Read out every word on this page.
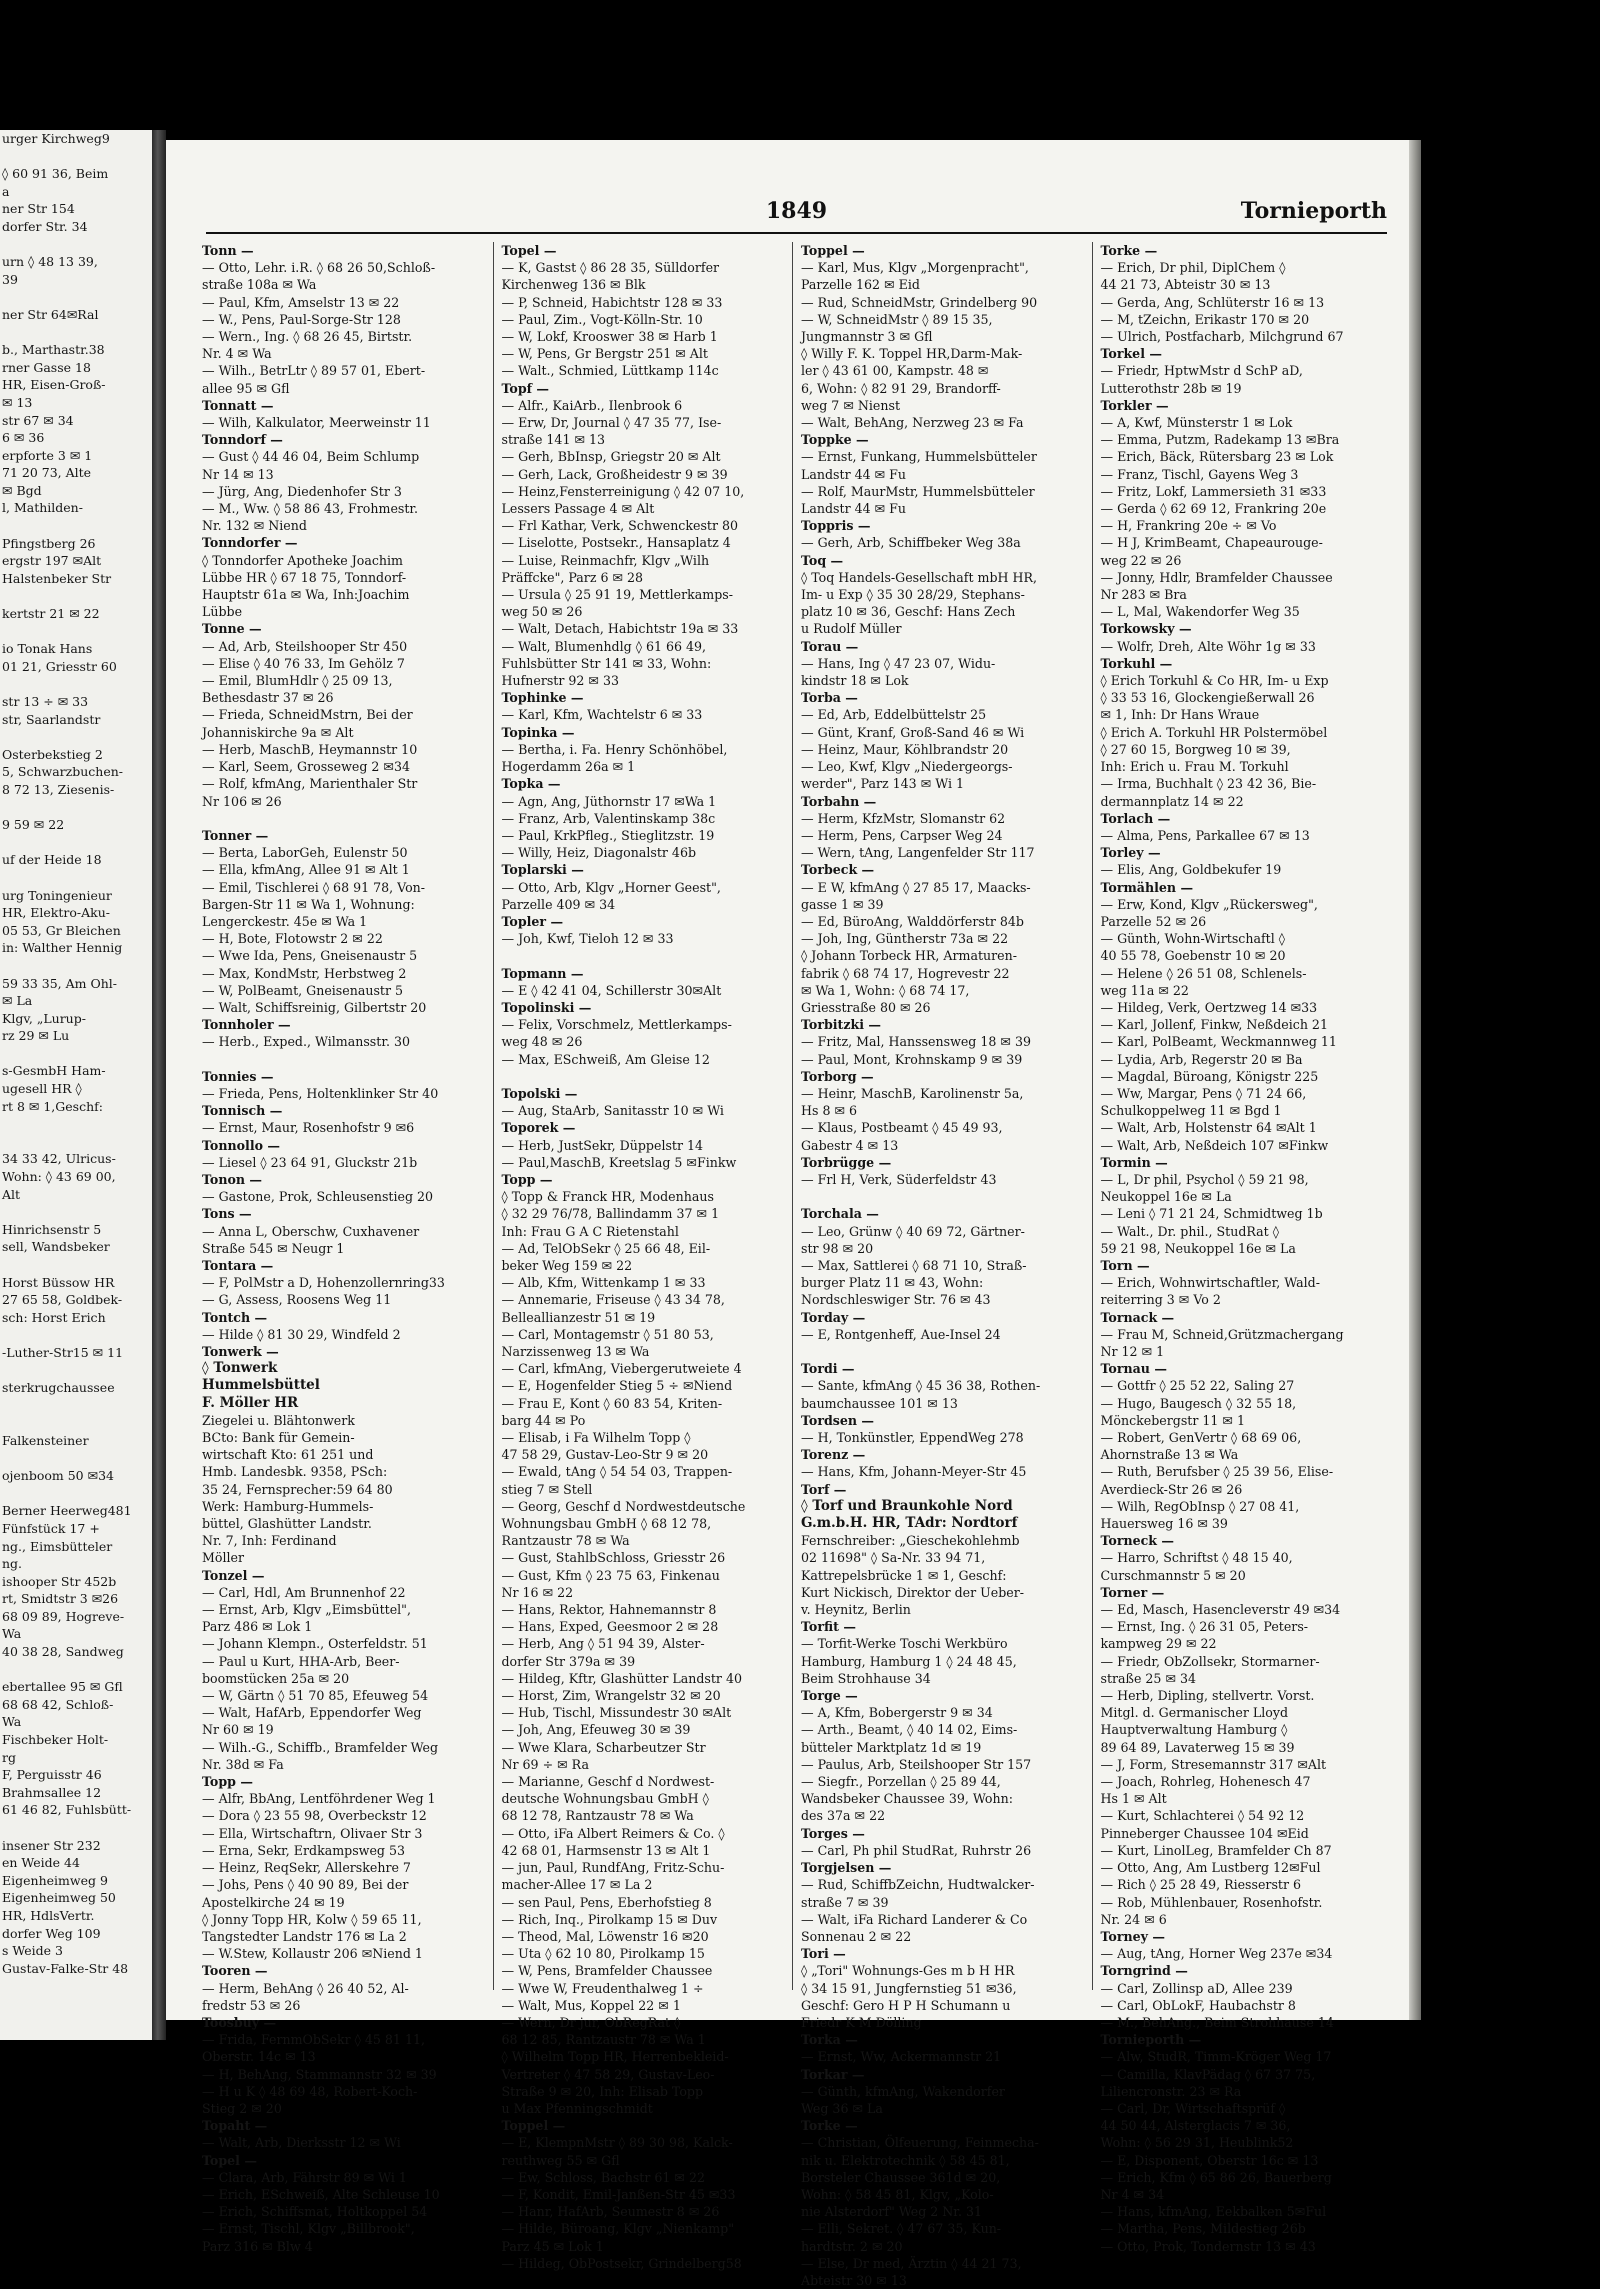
urger Kirchweg9

◊ 60 91 36, Beim
a
ner Str 154
dorfer Str. 34

urn ◊ 48 13 39,
39

ner Str 64✉Ral

b., Marthastr.38
rner Gasse 18
HR, Eisen-Groß-
✉ 13
str 67 ✉ 34
6 ✉ 36
erpforte 3 ✉ 1
71 20 73, Alte
✉ Bgd
l, Mathilden-

Pfingstberg 26
ergstr 197 ✉Alt
Halstenbeker Str

kertstr 21 ✉ 22

io Tonak Hans
01 21, Griesstr 60

str 13 ÷ ✉ 33
str, Saarlandstr

Osterbekstieg 2
5, Schwarzbuchen-
8 72 13, Ziesenis-

9 59 ✉ 22

uf der Heide 18

urg Toningenieur
HR, Elektro-Aku-
05 53, Gr Bleichen
in: Walther Hennig

59 33 35, Am Ohl-
✉ La
Klgv, „Lurup-
rz 29 ✉ Lu

s-GesmbH Ham-
ugesell HR ◊
rt 8 ✉ 1,Geschf:

34 33 42, Ulricus-
Wohn: ◊ 43 69 00,
Alt

Hinrichsenstr 5
sell, Wandsbeker

Horst Büssow HR
27 65 58, Goldbek-
sch: Horst Erich

-Luther-Str15 ✉ 11

sterkrugchaussee

Falkensteiner

ojenboom 50 ✉34

Berner Heerweg481
Fünfstück 17 +
ng., Eimsbütteler
ng.
ishooper Str 452b
rt, Smidtstr 3 ✉26
68 09 89, Hogreve-
Wa
40 38 28, Sandweg

ebertallee 95 ✉ Gfl
68 68 42, Schloß-
Wa
Fischbeker Holt-
rg
F, Perguisstr 46
Brahmsallee 12
61 46 82, Fuhlsbütt-

insener Str 232
en Weide 44
Eigenheimweg 9
Eigenheimweg 50
HR, HdlsVertr.
dorfer Weg 109
s Weide 3
Gustav-Falke-Str 48
1849	Tornieporth
Tonn —
— Otto, Lehr. i.R. ◊ 68 26 50,Schloß-
straße 108a ✉ Wa
— Paul, Kfm, Amselstr 13 ✉ 22
— W., Pens, Paul-Sorge-Str 128
— Wern., Ing. ◊ 68 26 45, Birtstr.
Nr. 4 ✉ Wa
— Wilh., BetrLtr ◊ 89 57 01, Ebert-
allee 95 ✉ Gfl
Tonnatt —
— Wilh, Kalkulator, Meerweinstr 11
Tonndorf —
— Gust ◊ 44 46 04, Beim Schlump
Nr 14 ✉ 13
— Jürg, Ang, Diedenhofer Str 3
— M., Ww. ◊ 58 86 43, Frohmestr.
Nr. 132 ✉ Niend
Tonndorfer —
◊ Tonndorfer Apotheke Joachim
Lübbe HR ◊ 67 18 75, Tonndorf-
Hauptstr 61a ✉ Wa, Inh:Joachim
Lübbe
Tonne —
— Ad, Arb, Steilshooper Str 450
— Elise ◊ 40 76 33, Im Gehölz 7
— Emil, BlumHdlr ◊ 25 09 13,
Bethesdastr 37 ✉ 26
— Frieda, SchneidMstrn, Bei der
Johanniskirche 9a ✉ Alt
— Herb, MaschB, Heymannstr 10
— Karl, Seem, Grosseweg 2 ✉34
— Rolf, kfmAng, Marienthaler Str
Nr 106 ✉ 26

Tonner —
— Berta, LaborGeh, Eulenstr 50
— Ella, kfmAng, Allee 91 ✉ Alt 1
— Emil, Tischlerei ◊ 68 91 78, Von-
Bargen-Str 11 ✉ Wa 1, Wohnung:
Lengerckestr. 45e ✉ Wa 1
— H, Bote, Flotowstr 2 ✉ 22
— Wwe Ida, Pens, Gneisenaustr 5
— Max, KondMstr, Herbstweg 2
— W, PolBeamt, Gneisenaustr 5
— Walt, Schiffsreinig, Gilbertstr 20
Tonnholer —
— Herb., Exped., Wilmansstr. 30

Tonnies —
— Frieda, Pens, Holtenklinker Str 40
Tonnisch —
— Ernst, Maur, Rosenhofstr 9 ✉6
Tonnollo —
— Liesel ◊ 23 64 91, Gluckstr 21b
Tonon —
— Gastone, Prok, Schleusenstieg 20
Tons —
— Anna L, Oberschw, Cuxhavener
Straße 545 ✉ Neugr 1
Tontara —
— F, PolMstr a D, Hohenzollernring33
— G, Assess, Roosens Weg 11
Tontch —
— Hilde ◊ 81 30 29, Windfeld 2
Tonwerk —
◊ Tonwerk
Hummelsbüttel
F. Möller HR
Ziegelei u. Blähtonwerk
BCto: Bank für Gemein-
wirtschaft Kto: 61 251 und
Hmb. Landesbk. 9358, PSch:
35 24, Fernsprecher:59 64 80
Werk: Hamburg-Hummels-
büttel, Glashütter Landstr.
Nr. 7, Inh: Ferdinand
Möller
Tonzel —
— Carl, Hdl, Am Brunnenhof 22
— Ernst, Arb, Klgv „Eimsbüttel",
Parz 486 ✉ Lok 1
— Johann Klempn., Osterfeldstr. 51
— Paul u Kurt, HHA-Arb, Beer-
boomstücken 25a ✉ 20
— W, Gärtn ◊ 51 70 85, Efeuweg 54
— Walt, HafArb, Eppendorfer Weg
Nr 60 ✉ 19
— Wilh.-G., Schiffb., Bramfelder Weg
Nr. 38d ✉ Fa
Topp —
— Alfr, BbAng, Lentföhrdener Weg 1
— Dora ◊ 23 55 98, Overbeckstr 12
— Ella, Wirtschaftrn, Olivaer Str 3
— Erna, Sekr, Erdkampsweg 53
— Heinz, ReqSekr, Allerskehre 7
— Johs, Pens ◊ 40 90 89, Bei der
Apostelkirche 24 ✉ 19
◊ Jonny Topp HR, Kolw ◊ 59 65 11,
Tangstedter Landstr 176 ✉ La 2
— W.Stew, Kollaustr 206 ✉Niend 1
Tooren —
— Herm, BehAng ◊ 26 40 52, Al-
fredstr 53 ✉ 26
Toosbuy —
— Frida, FernmObSekr ◊ 45 81 11,
Oberstr. 14c ✉ 13
— H, BehAng, Stammannstr 32 ✉ 39
— H u K ◊ 48 69 48, Robert-Koch-
Stieg 2 ✉ 20
Topaht —
— Walt, Arb, Dierksstr 12 ✉ Wi
Topel —
— Clara, Arb, Fährstr 89 ✉ Wi 1
— Erich, ESchweiß, Alte Schleuse 10
— Erich, Schiffsmat, Holtkoppel 54
— Ernst, Tischl, Klgv „Billbrook",
Parz 316 ✉ Blw 4
Topel —
— K, Gastst ◊ 86 28 35, Sülldorfer
Kirchenweg 136 ✉ Blk
— P, Schneid, Habichtstr 128 ✉ 33
— Paul, Zim., Vogt-Kölln-Str. 10
— W, Lokf, Krooswег 38 ✉ Harb 1
— W, Pens, Gr Bergstr 251 ✉ Alt
— Walt., Schmied, Lüttkamp 114c
Topf —
— Alfr., KaiArb., Ilenbrook 6
— Erw, Dr, Journal ◊ 47 35 77, Ise-
straße 141 ✉ 13
— Gerh, BbInsp, Griegstr 20 ✉ Alt
— Gerh, Lack, Großheidestr 9 ✉ 39
— Heinz,Fensterreinigung ◊ 42 07 10,
Lessers Passage 4 ✉ Alt
— Frl Kathar, Verk, Schwenckestr 80
— Liselotte, Postsekr., Hansaplatz 4
— Luise, Reinmachfr, Klgv „Wilh
Präffcke", Parz 6 ✉ 28
— Ursula ◊ 25 91 19, Mettlerkamps-
weg 50 ✉ 26
— Walt, Detach, Habichtstr 19a ✉ 33
— Walt, Blumenhdlg ◊ 61 66 49,
Fuhlsbütter Str 141 ✉ 33, Wohn:
Hufnerstr 92 ✉ 33
Tophinke —
— Karl, Kfm, Wachtelstr 6 ✉ 33
Topinka —
— Bertha, i. Fa. Henry Schönhöbel,
Hogerdamm 26a ✉ 1
Topka —
— Agn, Ang, Jüthornstr 17 ✉Wa 1
— Franz, Arb, Valentinskamp 38c
— Paul, KrkPfleg., Stieglitzstr. 19
— Willy, Heiz, Diagonalstr 46b
Toplarski —
— Otto, Arb, Klgv „Horner Geest",
Parzelle 409 ✉ 34
Topler —
— Joh, Kwf, Tieloh 12 ✉ 33

Topmann —
— E ◊ 42 41 04, Schillerstr 30✉Alt
Topolinski —
— Felix, Vorschmelz, Mettlerkamps-
weg 48 ✉ 26
— Max, ESchweiß, Am Gleise 12

Topolski —
— Aug, StaArb, Sanitasstr 10 ✉ Wi
Toporek —
— Herb, JustSekr, Düppelstr 14
— Paul,MaschB, Kreetslag 5 ✉Finkw
Topp —
◊ Topp & Franck HR, Modenhaus
◊ 32 29 76/78, Ballindamm 37 ✉ 1
Inh: Frau G A C Rietenstahl
— Ad, TelObSekr ◊ 25 66 48, Eil-
beker Weg 159 ✉ 22
— Alb, Kfm, Wittenkamp 1 ✉ 33
— Annemarie, Friseuse ◊ 43 34 78,
Belleallianzestr 51 ✉ 19
— Carl, Montagemstr ◊ 51 80 53,
Narzissenweg 13 ✉ Wa
— Carl, kfmAng, Viebergerutweiete 4
— E, Hogenfelder Stieg 5 ÷ ✉Niend
— Frau E, Kont ◊ 60 83 54, Kriten-
barg 44 ✉ Po
— Elisab, i Fa Wilhelm Topp ◊
47 58 29, Gustav-Leo-Str 9 ✉ 20
— Ewald, tAng ◊ 54 54 03, Trappen-
stieg 7 ✉ Stell
— Georg, Geschf d Nordwestdeutsche
Wohnungsbau GmbH ◊ 68 12 78,
Rantzaustr 78 ✉ Wa
— Gust, StahlbSchloss, Griesstr 26
— Gust, Kfm ◊ 23 75 63, Finkenau
Nr 16 ✉ 22
— Hans, Rektor, Hahnemannstr 8
— Hans, Exped, Geesmoor 2 ✉ 28
— Herb, Ang ◊ 51 94 39, Alster-
dorfer Str 379a ✉ 39
— Hildeg, Kftr, Glashütter Landstr 40
— Horst, Zim, Wrangelstr 32 ✉ 20
— Hub, Tischl, Missundestr 30 ✉Alt
— Joh, Ang, Efeuweg 30 ✉ 39
— Wwe Klara, Scharbeutzer Str
Nr 69 ÷ ✉ Ra
— Marianne, Geschf d Nordwest-
deutsche Wohnungsbau GmbH ◊
68 12 78, Rantzaustr 78 ✉ Wa
— Otto, iFa Albert Reimers & Co. ◊
42 68 01, Harmsenstr 13 ✉ Alt 1
— jun, Paul, RundfAng, Fritz-Schu-
macher-Allee 17 ✉ La 2
— sen Paul, Pens, Eberhofstieg 8
— Rich, Inq., Pirolkamp 15 ✉ Duv
— Theod, Mal, Löwenstr 16 ✉20
— Uta ◊ 62 10 80, Pirolkamp 15
— W, Pens, Bramfelder Chaussee
— Wwe W, Freudenthalweg 1 ÷
— Walt, Mus, Koppel 22 ✉ 1
— Wern, Dr jur, ObRegRat ◊
68 12 85, Rantzaustr 78 ✉ Wa 1
◊ Wilhelm Topp HR, Herrenbekleid-
Vertreter ◊ 47 58 29, Gustav-Leo-
Straße 9 ✉ 20, Inh: Elisab Topp
u Max Pfenningschmidt
Toppel —
— E, KlempnMstr ◊ 89 30 98, Kalck-
reuthweg 55 ✉ Gfl
— Ew, Schloss, Bachstr 61 ✉ 22
— F, Kondit, Emil-Janßen-Str 45 ✉33
— Hanr, HafArb, Seumestr 8 ✉ 26
— Hilde, Büroang, Klgv „Nienkamp"
Parz 45 ✉ Lok 1
— Hildeg, ObPostsekr, Grindelberg58
Toppel —
— Karl, Mus, Klgv „Morgenpracht",
Parzelle 162 ✉ Eid
— Rud, SchneidMstr, Grindelberg 90
— W, SchneidMstr ◊ 89 15 35,
Jungmannstr 3 ✉ Gfl
◊ Willy F. K. Toppel HR,Darm-Mak-
ler ◊ 43 61 00, Kampstr. 48 ✉
6, Wohn: ◊ 82 91 29, Brandorff-
weg 7 ✉ Nienst
— Walt, BehAng, Nerzweg 23 ✉ Fa
Toppke —
— Ernst, Funkang, Hummelsbütteler
Landstr 44 ✉ Fu
— Rolf, MaurMstr, Hummelsbütteler
Landstr 44 ✉ Fu
Toppris —
— Gerh, Arb, Schiffbeker Weg 38a
Toq —
◊ Toq Handels-Gesellschaft mbH HR,
Im- u Exp ◊ 35 30 28/29, Stephans-
platz 10 ✉ 36, Geschf: Hans Zech
u Rudolf Müller
Torau —
— Hans, Ing ◊ 47 23 07, Widu-
kindstr 18 ✉ Lok
Torba —
— Ed, Arb, Eddelbüttelstr 25
— Günt, Kranf, Groß-Sand 46 ✉ Wi
— Heinz, Maur, Köhlbrandstr 20
— Leo, Kwf, Klgv „Niedergeorgs-
werder", Parz 143 ✉ Wi 1
Torbahn —
— Herm, KfzMstr, Slomanstr 62
— Herm, Pens, Carpser Weg 24
— Wern, tAng, Langenfelder Str 117
Torbeck —
— E W, kfmAng ◊ 27 85 17, Maacks-
gasse 1 ✉ 39
— Ed, BüroAng, Walddörferstr 84b
— Joh, Ing, Güntherstr 73a ✉ 22
◊ Johann Torbeck HR, Armaturen-
fabrik ◊ 68 74 17, Hogrevestr 22
✉ Wa 1, Wohn: ◊ 68 74 17,
Griesstraße 80 ✉ 26
Torbitzki —
— Fritz, Mal, Hanssensweg 18 ✉ 39
— Paul, Mont, Krohnskamp 9 ✉ 39
Torborg —
— Heinr, MaschB, Karolinenstr 5a,
Hs 8 ✉ 6
— Klaus, Postbeamt ◊ 45 49 93,
Gabestr 4 ✉ 13
Torbrügge —
— Frl H, Verk, Süderfeldstr 43

Torchala —
— Leo, Grünw ◊ 40 69 72, Gärtner-
str 98 ✉ 20
— Max, Sattlerei ◊ 68 71 10, Straß-
burger Platz 11 ✉ 43, Wohn:
Nordschleswiger Str. 76 ✉ 43
Torday —
— E, Rontgenheff, Aue-Insel 24

Tordi —
— Sante, kfmAng ◊ 45 36 38, Rothen-
baumchaussee 101 ✉ 13
Tordsen —
— H, Tonkünstler, EppendWeg 278
Torenz —
— Hans, Kfm, Johann-Meyer-Str 45
Torf —
◊ Torf und Braunkohle Nord
G.m.b.H. HR, TAdr: Nordtorf
Fernschreiber: „Gieschekohlehmb
02 11698" ◊ Sa-Nr. 33 94 71,
Kattrepelsbrücke 1 ✉ 1, Geschf:
Kurt Nickisch, Direktor der Ueber-
v. Heynitz, Berlin
Torfit —
— Torfit-Werke Toschi Werkbüro
Hamburg, Hamburg 1 ◊ 24 48 45,
Beim Strohhause 34
Torge —
— A, Kfm, Bobergerstr 9 ✉ 34
— Arth., Beamt, ◊ 40 14 02, Eims-
bütteler Marktplatz 1d ✉ 19
— Paulus, Arb, Steilshooper Str 157
— Siegfr., Porzellan ◊ 25 89 44,
Wandsbeker Chaussee 39, Wohn:
des 37a ✉ 22
Torges —
— Carl, Ph phil StudRat, Ruhrstr 26
Torgjelsen —
— Rud, SchiffbZeichn, Hudtwalcker-
straße 7 ✉ 39
— Walt, iFa Richard Landerer & Co
Sonnenau 2 ✉ 22
Tori —
◊ „Tori" Wohnungs-Ges m b H HR
◊ 34 15 91, Jungfernstieg 51 ✉36,
Geschf: Gero H P H Schumann u
Friedr K M Dölling
Torka —
— Ernst, Ww, Ackermannstr 21
Torkar —
— Günth, kfmAng, Wakendorfer
Weg 36 ✉ La
Torke —
— Christian, Ölfeuerung, Feinmecha-
nik u. Elektrotechnik ◊ 58 45 81,
Borsteler Chaussee 361d ✉ 20,
Wohn: ◊ 58 45 81, Klgv, „Kolo-
nie Alsterdorf" Weg 2 Nr. 31
— Elli, Sekret. ◊ 47 67 35, Kun-
hardtstr. 2 ✉ 20
— Else, Dr med, Ärztin ◊ 44 21 73,
Abteistr 30 ✉ 13
Torke —
— Erich, Dr phil, DiplChem ◊
44 21 73, Abteistr 30 ✉ 13
— Gerda, Ang, Schlüterstr 16 ✉ 13
— M, tZeichn, Erikastr 170 ✉ 20
— Ulrich, Postfacharb, Milchgrund 67
Torkel —
— Friedr, HptwMstr d SchP aD,
Lutterothstr 28b ✉ 19
Torkler —
— A, Kwf, Münsterstr 1 ✉ Lok
— Emma, Putzm, Radekamp 13 ✉Bra
— Erich, Bäck, Rütersbarg 23 ✉ Lok
— Franz, Tischl, Gayens Weg 3
— Fritz, Lokf, Lammersieth 31 ✉33
— Gerda ◊ 62 69 12, Frankring 20e
— H, Frankring 20e ÷ ✉ Vo
— H J, KrimBeamt, Chapeaurouge-
weg 22 ✉ 26
— Jonny, Hdlr, Bramfelder Chaussee
Nr 283 ✉ Bra
— L, Mal, Wakendorfer Weg 35
Torkowsky —
— Wolfr, Dreh, Alte Wöhr 1g ✉ 33
Torkuhl —
◊ Erich Torkuhl & Co HR, Im- u Exp
◊ 33 53 16, Glockengießerwall 26
✉ 1, Inh: Dr Hans Wraue
◊ Erich A. Torkuhl HR Polstermöbel
◊ 27 60 15, Borgweg 10 ✉ 39,
Inh: Erich u. Frau M. Torkuhl
— Irma, Buchhalt ◊ 23 42 36, Bie-
dermannplatz 14 ✉ 22
Torlach —
— Alma, Pens, Parkallee 67 ✉ 13
Torley —
— Elis, Ang, Goldbekufer 19
Tormählen —
— Erw, Kond, Klgv „Rückersweg",
Parzelle 52 ✉ 26
— Günth, Wohn-Wirtschaftl ◊
40 55 78, Goebenstr 10 ✉ 20
— Helene ◊ 26 51 08, Schlenels-
weg 11a ✉ 22
— Hildeg, Verk, Oertzweg 14 ✉33
— Karl, Jollenf, Finkw, Neßdeich 21
— Karl, PolBeamt, Weckmannweg 11
— Lydia, Arb, Regerstr 20 ✉ Ba
— Magdal, Büroang, Königstr 225
— Ww, Margar, Pens ◊ 71 24 66,
Schulkoppelweg 11 ✉ Bgd 1
— Walt, Arb, Holstenstr 64 ✉Alt 1
— Walt, Arb, Neßdeich 107 ✉Finkw
Tormin —
— L, Dr phil, Psychol ◊ 59 21 98,
Neukoppel 16e ✉ La
— Leni ◊ 71 21 24, Schmidtweg 1b
— Walt., Dr. phil., StudRat ◊
59 21 98, Neukoppel 16e ✉ La
Torn —
— Erich, Wohnwirtschaftler, Wald-
reiterring 3 ✉ Vo 2
Tornack —
— Frau M, Schneid,Grützmachergang
Nr 12 ✉ 1
Tornau —
— Gottfr ◊ 25 52 22, Saling 27
— Hugo, Baugesch ◊ 32 55 18,
Mönckebergstr 11 ✉ 1
— Robert, GenVertr ◊ 68 69 06,
Ahornstraße 13 ✉ Wa
— Ruth, Berufsber ◊ 25 39 56, Elise-
Averdieck-Str 26 ✉ 26
— Wilh, RegObInsp ◊ 27 08 41,
Hauersweg 16 ✉ 39
Torneck —
— Harro, Schriftst ◊ 48 15 40,
Curschmannstr 5 ✉ 20
Torner —
— Ed, Masch, Hasencleverstr 49 ✉34
— Ernst, Ing. ◊ 26 31 05, Peters-
kampweg 29 ✉ 22
— Friedr, ObZollsekr, Stormarner-
straße 25 ✉ 34
— Herb, Dipling, stellvertr. Vorst.
Mitgl. d. Germanischer Lloyd
Hauptverwaltung Hamburg ◊
89 64 89, Lavaterweg 15 ✉ 39
— J, Form, Stresemannstr 317 ✉Alt
— Joach, Rohrleg, Hohenesch 47
Hs 1 ✉ Alt
— Kurt, Schlachterei ◊ 54 92 12
Pinneberger Chaussee 104 ✉Eid
— Kurt, LinolLeg, Bramfelder Ch 87
— Otto, Ang, Am Lustberg 12✉Ful
— Rich ◊ 25 28 49, Riesserstr 6
— Rob, Mühlenbauer, Rosenhofstr.
Nr. 24 ✉ 6
Torney —
— Aug, tAng, Horner Weg 237e ✉34
Torngrind —
— Carl, Zollinsp aD, Allee 239
— Carl, ObLokF, Haubachstr 8
— M., BehAng., Beim Strohhause 14
Tornieporth —
— Alw, StudR, Timm-Kröger Weg 17
— Camilla, KlavPädag ◊ 67 37 75,
Liliencronstr. 23 ✉ Ra
— Carl, Dr, Wirtschaftsprüf ◊
44 50 44, Alsterglacis 7 ✉ 36,
Wohn: ◊ 56 29 31, Heublink52
— E, Disponent, Oberstr 16c ✉ 13
— Erich, Kfm ◊ 65 86 26, Bauerberg
Nr 4 ✉ 34
— Hans, kfmAng, Eekbalken 5✉Ful
— Martha, Pens, Mildestieg 26b
— Otto, Prok, Tondernstr 13 ✉ 43
